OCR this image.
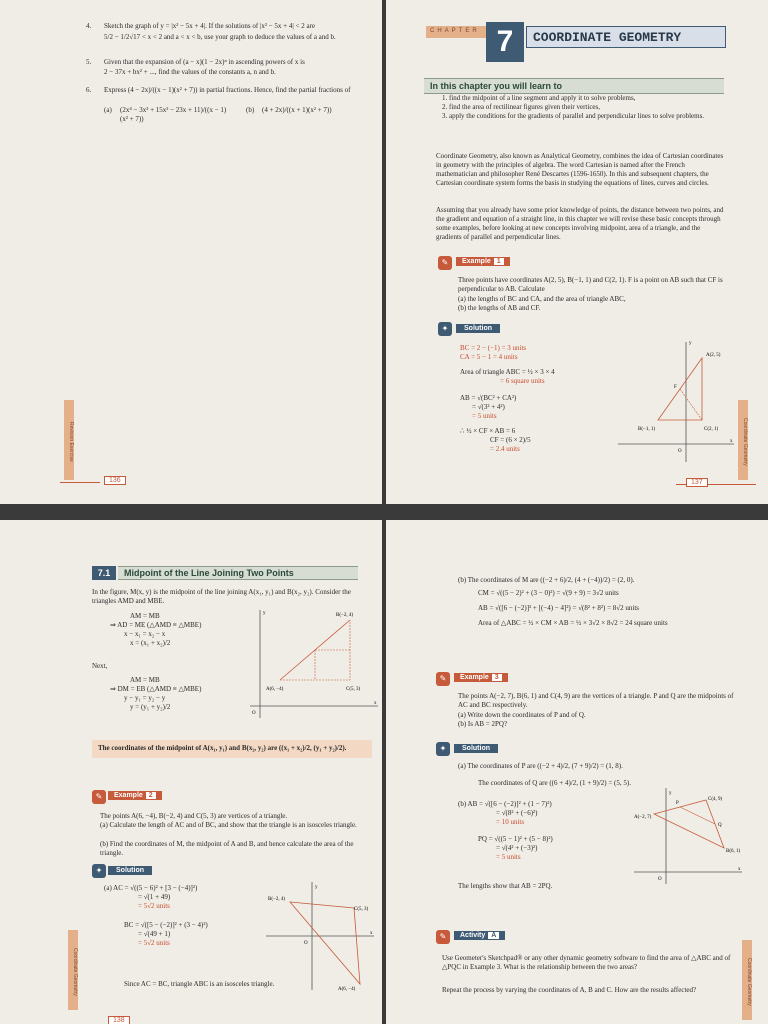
4.	Sketch the graph of y = |x² − 5x + 4|. If the solutions of |x² − 5x + 4| < 2 are
5/2 − 1/2√17 < x < 2 and a < x < b, use your graph to deduce the values of a and b.
5.	Given that the expansion of (a − x)(1 − 2x)ⁿ in ascending powers of x is
2 − 37x + bx² + ..., find the values of the constants a, n and b.
6.	Express (4 − 2x)/((x − 1)(x² + 7)) in partial fractions. Hence, find the partial fractions of
(a)	(2x⁴ − 3x³ + 15x² − 23x + 11)/((x − 1)(x² + 7))
(b)	(4 + 2x)/((x + 1)(x² + 7))
Revision Exercise
136
CHAPTER 7	COORDINATE GEOMETRY
In this chapter you will learn to
1. find the midpoint of a line segment and apply it to solve problems,
2. find the area of rectilinear figures given their vertices,
3. apply the conditions for the gradients of parallel and perpendicular lines to solve problems.
Coordinate Geometry, also known as Analytical Geometry, combines the idea of Cartesian coordinates in geometry with the principles of algebra. The word Cartesian is named after the French mathematician and philosopher René Descartes (1596-1650). In this and subsequent chapters, the Cartesian coordinate system forms the basis in studying the equations of lines, curves and circles.
Assuming that you already have some prior knowledge of points, the distance between two points, and the gradient and equation of a straight line, in this chapter we will revise these basic concepts through some examples, before looking at new concepts involving midpoint, area of a triangle, and the gradients of parallel and perpendicular lines.
✎	Example 1
Three points have coordinates A(2, 5), B(−1, 1) and C(2, 1). F is a point on AB such that CF is perpendicular to AB. Calculate
(a) the lengths of BC and CA, and the area of triangle ABC,
(b) the lengths of AB and CF.
✦	Solution
BC = 2 − (−1) = 3 units
CA = 5 − 1 = 4 units
Area of triangle ABC = ½ × 3 × 4
= 6 square units
AB = √(BC² + CA²)
= √(3² + 4²)
= 5 units
∴ ½ × CF × AB = 6
CF = (6 × 2)/5
= 2.4 units
A(2, 5)
B(−1, 1)	C(2, 1)
F
O
x
y
Coordinate Geometry
137
7.1	Midpoint of the Line Joining Two Points
In the figure, M(x, y) is the midpoint of the line joining A(x₁, y₁) and B(x₂, y₂). Consider the triangles AMD and MBE.
AM = MB
⇒ AD = ME (△AMD ≡ △MBE)
x − x₁ = x₂ − x
x = (x₁ + x₂)/2
Next,
AM = MB
⇒ DM = EB (△AMD ≡ △MBE)
y − y₁ = y₂ − y
y = (y₁ + y₂)/2
B(−2, 4)
A(6, −4)	C(5, 3)
O
x
y
The coordinates of the midpoint of A(x₁, y₁) and B(x₂, y₂) are ((x₁ + x₂)/2, (y₁ + y₂)/2).
✎	Example 2
The points A(6, −4), B(−2, 4) and C(5, 3) are vertices of a triangle.
(a) Calculate the length of AC and of BC, and show that the triangle is an isosceles triangle.
(b) Find the coordinates of M, the midpoint of A and B, and hence calculate the area of the triangle.
✦	Solution
(a) AC = √((5 − 6)² + [3 − (−4)]²)
= √(1 + 49)
= 5√2 units
BC = √([5 − (−2)]² + (3 − 4)²)
= √(49 + 1)
= 5√2 units
Since AC = BC, triangle ABC is an isosceles triangle.
B(−2, 4)
C(5, 3)
A(6, −4)
O
x
y
Coordinate Geometry
138
(b) The coordinates of M are ((−2 + 6)/2, (4 + (−4))/2) = (2, 0).
CM = √((5 − 2)² + (3 − 0)²) = √(9 + 9) = 3√2 units
AB = √([6 − (−2)]² + [(−4) − 4]²) = √(8² + 8²) = 8√2 units
Area of △ABC = ½ × CM × AB = ½ × 3√2 × 8√2 = 24 square units
✎	Example 3
The points A(−2, 7), B(6, 1) and C(4, 9) are the vertices of a triangle. P and Q are the midpoints of AC and BC respectively.
(a) Write down the coordinates of P and of Q.
(b) Is AB = 2PQ?
✦	Solution
(a) The coordinates of P are ((−2 + 4)/2, (7 + 9)/2) = (1, 8).
The coordinates of Q are ((6 + 4)/2, (1 + 9)/2) = (5, 5).
(b) AB = √([6 − (−2)]² + (1 − 7)²)
= √(8² + (−6)²)
= 10 units
PQ = √((5 − 1)² + (5 − 8)²)
= √(4² + (−3)²)
= 5 units
The lengths show that AB = 2PQ.
C(4, 9)
A(−2, 7)
P
Q
B(6, 1)
O
x
y
✎	Activity A
Use Geometer's Sketchpad® or any other dynamic geometry software to find the area of △ABC and of △PQC in Example 3. What is the relationship between the two areas?
Repeat the process by varying the coordinates of A, B and C. How are the results affected?	Coordinate Geometry
